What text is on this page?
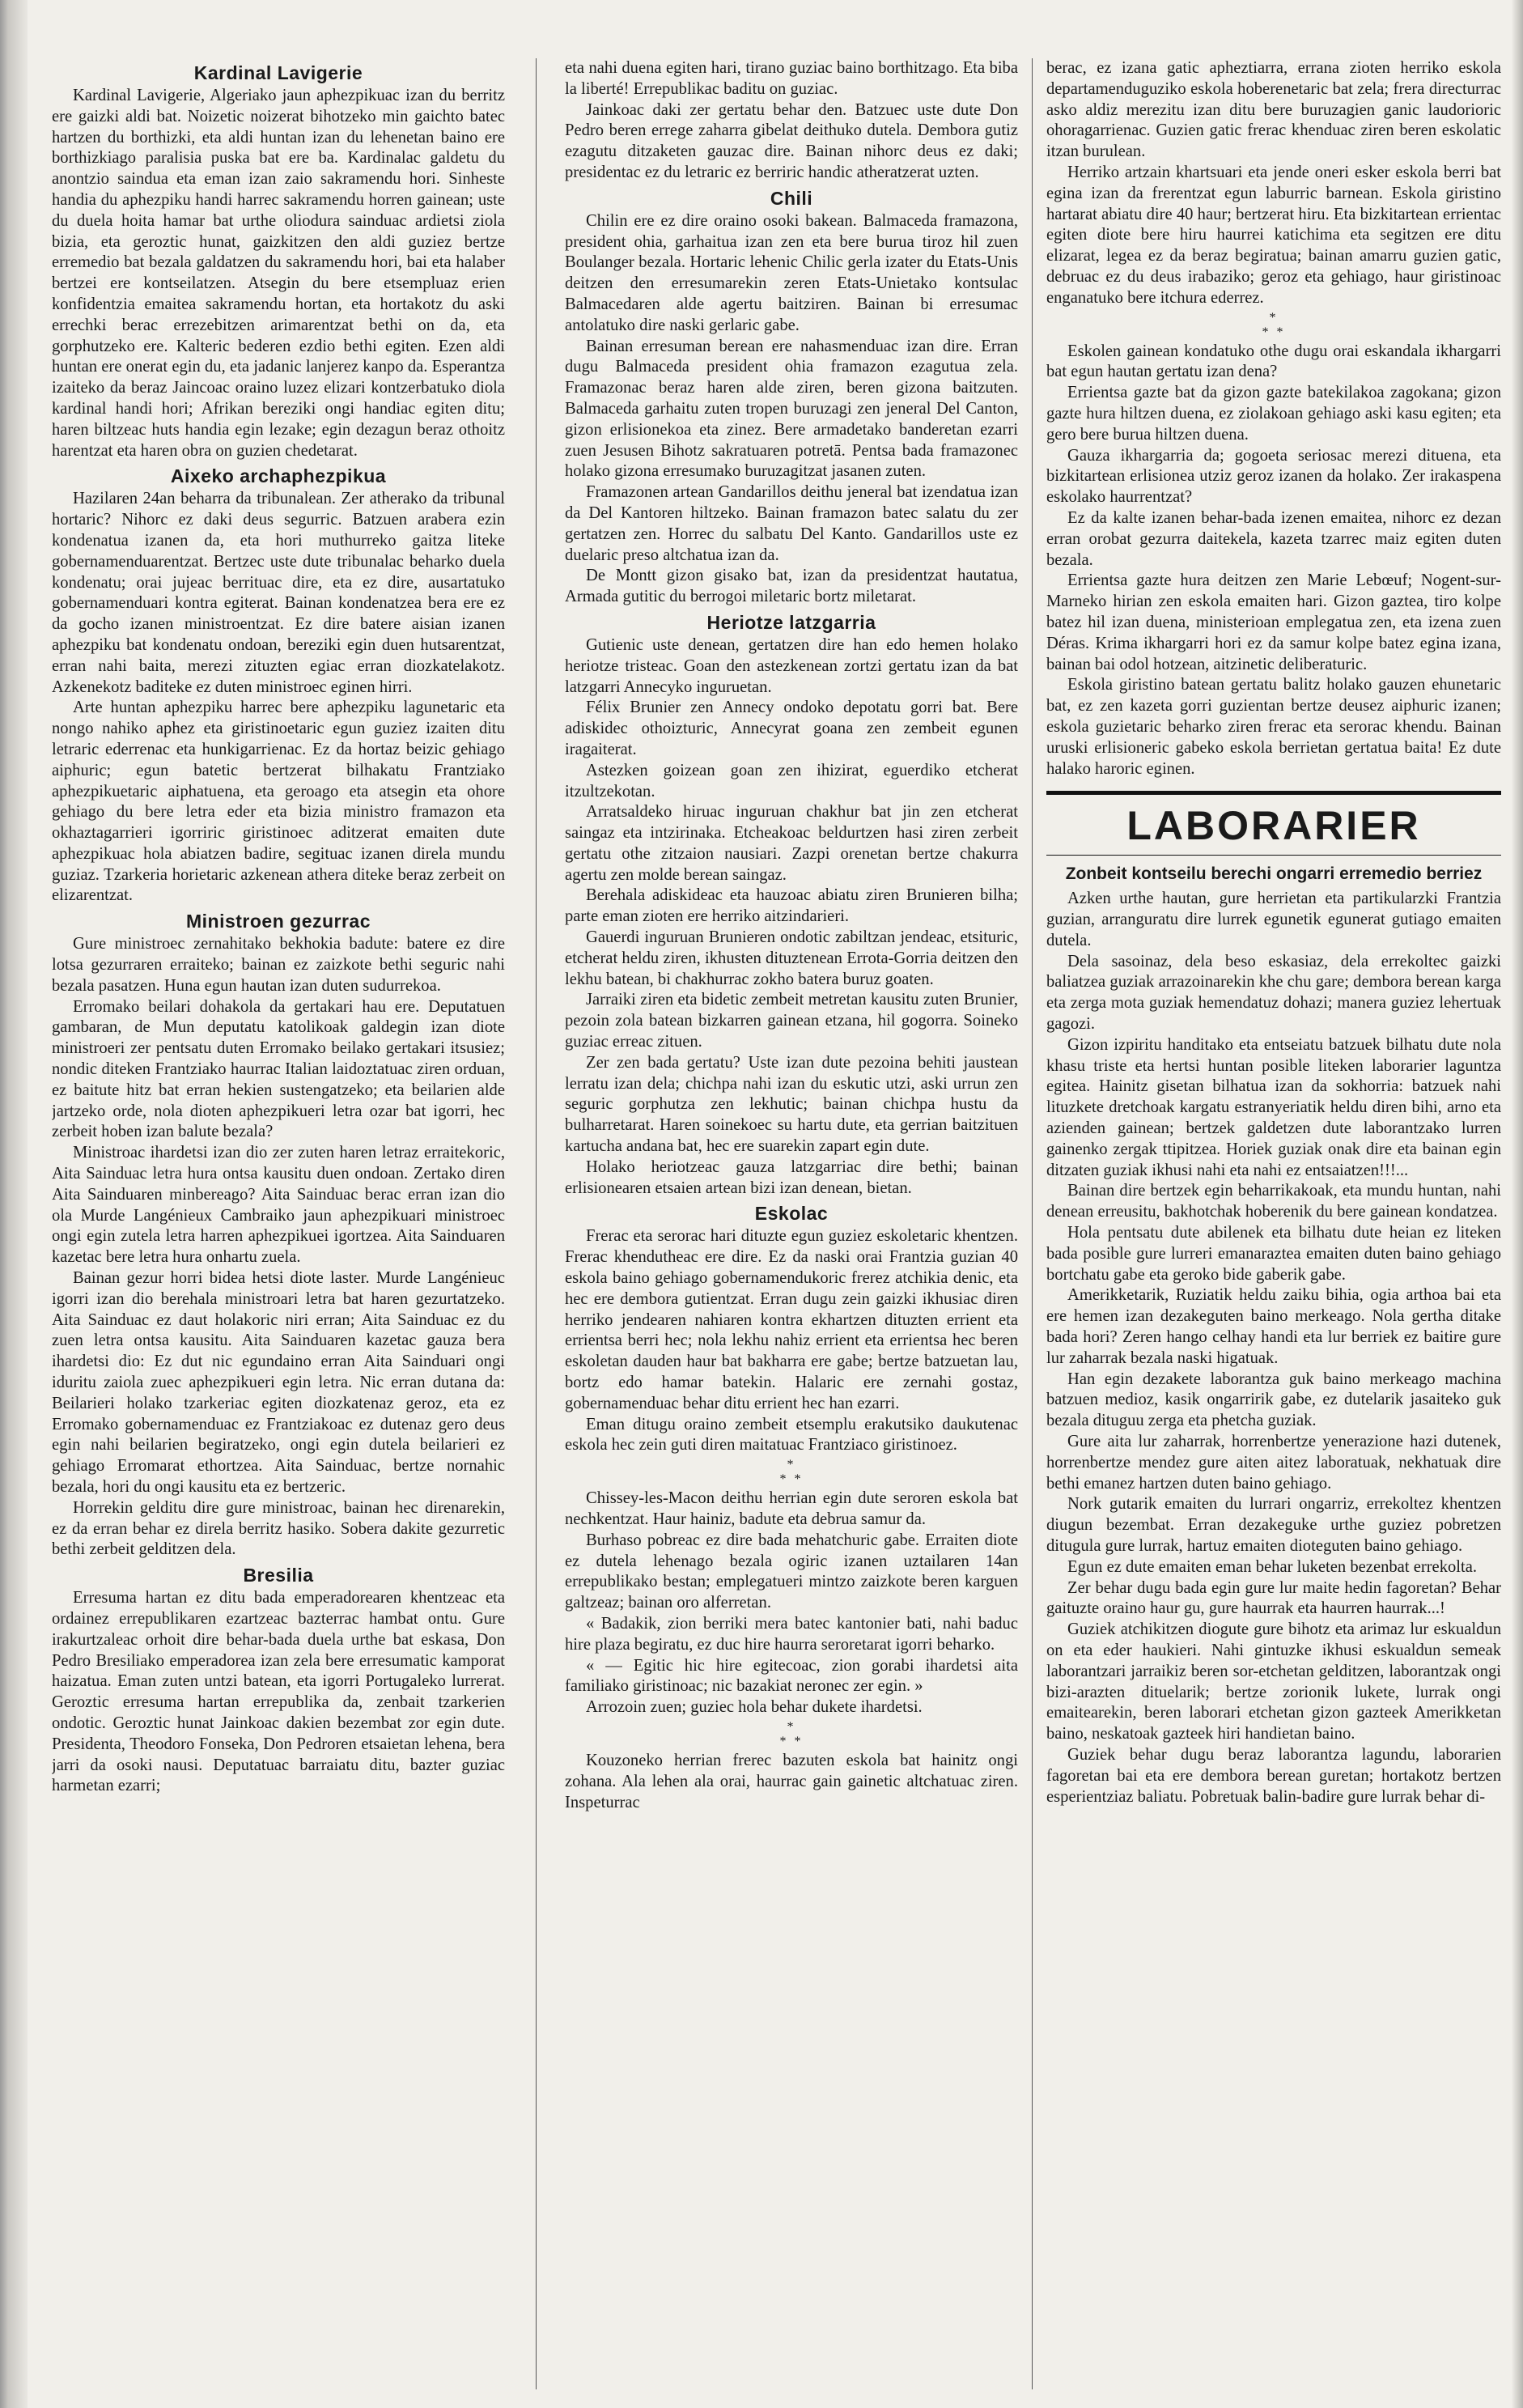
Kardinal Lavigerie

Kardinal Lavigerie, Algeriako jaun aphezpikuac izan du berritz ere gaizki aldi bat. Noizetic noizerat bihotzeko min gaichto batec hartzen du borthizki, eta aldi huntan izan du lehenetan baino ere borthizkiago paralisia puska bat ere ba. Kardinalac galdetu du anontzio saindua eta eman izan zaio sakramendu hori. Sinheste handia du aphezpiku handi harrec sakramendu horren gainean; uste du duela hoita hamar bat urthe oliodura sainduac ardietsi ziola bizia, eta geroztic hunat, gaizkitzen den aldi guziez bertze erremedio bat bezala galdatzen du sakramendu hori, bai eta halaber bertzei ere kontseilatzen. Atsegin du bere etsempluaz erien konfidentzia emaitea sakramendu hortan, eta hortakotz du aski errechki berac errezebitzen arimarentzat bethi on da, eta gorphutzeko ere. Kalteric bederen ezdio bethi egiten. Ezen aldi huntan ere onerat egin du, eta jadanic lanjerez kanpo da. Esperantza izaiteko da beraz Jaincoac oraino luzez elizari kontzerbatuko diola kardinal handi hori; Afrikan bereziki ongi handiac egiten ditu; haren biltzeac huts handia egin lezake; egin dezagun beraz othoitz harentzat eta haren obra on guzien chedetarat.

Aixeko archaphezpikua

Hazilaren 24an beharra da tribunalean. Zer atherako da tribunal hortaric? Nihorc ez daki deus segurric. Batzuen arabera ezin kondenatua izanen da, eta hori muthurreko gaitza liteke gobernamenduarentzat. Bertzec uste dute tribunalac beharko duela kondenatu; orai jujeac berrituac dire, eta ez dire, ausartatuko gobernamenduari kontra egiterat. Bainan kondenatzea bera ere ez da gocho izanen ministroentzat. Ez dire batere aisian izanen aphezpiku bat kondenatu ondoan, bereziki egin duen hutsarentzat, erran nahi baita, merezi zituzten egiac erran diozkatelakotz. Azkenekotz baditeke ez duten ministroec eginen hirri.

Arte huntan aphezpiku harrec bere aphezpiku lagunetaric eta nongo nahiko aphez eta giristinoetaric egun guziez izaiten ditu letraric ederrenac eta hunkigarrienac. Ez da hortaz beizic gehiago aiphuric; egun batetic bertzerat bilhakatu Frantziako aphezpikuetaric aiphatuena, eta geroago eta atsegin eta ohore gehiago du bere letra eder eta bizia ministro framazon eta okhaztagarrieri igorriric giristinoec aditzerat emaiten dute aphezpikuac hola abiatzen badire, segituac izanen direla mundu guziaz. Tzarkeria horietaric azkenean athera diteke beraz zerbeit on elizarentzat.

Ministroen gezurrac

Gure ministroec zernahitako bekhokia badute: batere ez dire lotsa gezurraren erraiteko; bainan ez zaizkote bethi seguric nahi bezala pasatzen. Huna egun hautan izan duten sudurrekoa.

Erromako beilari dohakola da gertakari hau ere. Deputatuen gambaran, de Mun deputatu katolikoak galdegin izan diote ministroeri zer pentsatu duten Erromako beilako gertakari itsusiez; nondic diteken Frantziako haurrac Italian laidoztatuac ziren orduan, ez baitute hitz bat erran hekien sustengatzeko; eta beilarien alde jartzeko orde, nola dioten aphezpikueri letra ozar bat igorri, hec zerbeit hoben izan balute bezala?

Ministroac ihardetsi izan dio zer zuten haren letraz erraitekoric, Aita Sainduac letra hura ontsa kausitu duen ondoan. Zertako diren Aita Sainduaren minbereago? Aita Sainduac berac erran izan dio ola Murde Langénieux Cambraiko jaun aphezpikuari ministroec ongi egin zutela letra harren aphezpikuei igortzea. Aita Sainduaren kazetac bere letra hura onhartu zuela.

Bainan gezur horri bidea hetsi diote laster. Murde Langénieuc igorri izan dio berehala ministroari letra bat haren gezurtatzeko. Aita Sainduac ez daut holakoric niri erran; Aita Sainduac ez du zuen letra ontsa kausitu. Aita Sainduaren kazetac gauza bera ihardetsi dio: Ez dut nic egundaino erran Aita Sainduari ongi iduritu zaiola zuec aphezpikueri egin letra. Nic erran dutana da: Beilarieri holako tzarkeriac egiten diozkatenaz geroz, eta ez Erromako gobernamenduac ez Frantziakoac ez dutenaz gero deus egin nahi beilarien begiratzeko, ongi egin dutela beilarieri ez gehiago Erromarat ethortzea. Aita Sainduac, bertze nornahic bezala, hori du ongi kausitu eta ez bertzeric.

Horrekin gelditu dire gure ministroac, bainan hec direnarekin, ez da erran behar ez direla berritz hasiko. Sobera dakite gezurretic bethi zerbeit gelditzen dela.

Bresilia

Erresuma hartan ez ditu bada emperadorearen khentzeac eta ordainez errepublikaren ezartzeac bazterrac hambat ontu. Gure irakurtzaleac orhoit dire behar-bada duela urthe bat eskasa, Don Pedro Bresiliako emperadorea izan zela bere erresumatic kamporat haizatua. Eman zuten untzi batean, eta igorri Portugaleko lurrerat. Geroztic erresuma hartan errepublika da, zenbait tzarkerien ondotic. Geroztic hunat Jainkoac dakien bezembat zor egin dute. Presidenta, Theodoro Fonseka, Don Pedroren etsaietan lehena, bera jarri da osoki nausi. Deputatuac barraiatu ditu, bazter guziac harmetan ezarri;

eta nahi duena egiten hari, tirano guziac baino borthitzago. Eta biba la liberté! Errepublikac baditu on guziac.

Jainkoac daki zer gertatu behar den. Batzuec uste dute Don Pedro beren errege zaharra gibelat deithuko dutela. Dembora gutiz ezagutu ditzaketen gauzac dire. Bainan nihorc deus ez daki; presidentac ez du letraric ez berriric handic atheratzerat uzten.

Chili

Chilin ere ez dire oraino osoki bakean. Balmaceda framazona, president ohia, garhaitua izan zen eta bere burua tiroz hil zuen Boulanger bezala. Hortaric lehenic Chilic gerla izater du Etats-Unis deitzen den erresumarekin zeren Etats-Unietako kontsulac Balmacedaren alde agertu baitziren. Bainan bi erresumac antolatuko dire naski gerlaric gabe.

Bainan erresuman berean ere nahasmenduac izan dire. Erran dugu Balmaceda president ohia framazon ezagutua zela. Framazonac beraz haren alde ziren, beren gizona baitzuten. Balmaceda garhaitu zuten tropen buruzagi zen jeneral Del Canton, gizon erlisionekoa eta zinez. Bere armadetako banderetan ezarri zuen Jesusen Bihotz sakratuaren potretā. Pentsa bada framazonec holako gizona erresumako buruzagitzat jasanen zuten.

Framazonen artean Gandarillos deithu jeneral bat izendatua izan da Del Kantoren hiltzeko. Bainan framazon batec salatu du zer gertatzen zen. Horrec du salbatu Del Kanto. Gandarillos uste ez duelaric preso altchatua izan da.

De Montt gizon gisako bat, izan da presidentzat hautatua, Armada gutitic du berrogoi miletaric bortz miletarat.

Heriotze latzgarria

Gutienic uste denean, gertatzen dire han edo hemen holako heriotze tristeac. Goan den astezkenean zortzi gertatu izan da bat latzgarri Annecyko inguruetan.

Félix Brunier zen Annecy ondoko depotatu gorri bat. Bere adiskidec othoizturic, Annecyrat goana zen zembeit egunen iragaiterat.

Astezken goizean goan zen ihizirat, eguerdiko etcherat itzultzekotan.

Arratsaldeko hiruac inguruan chakhur bat jin zen etcherat saingaz eta intzirinaka. Etcheakoac beldurtzen hasi ziren zerbeit gertatu othe zitzaion nausiari. Zazpi orenetan bertze chakurra agertu zen molde berean saingaz.

Berehala adiskideac eta hauzoac abiatu ziren Brunieren bilha; parte eman zioten ere herriko aitzindarieri.

Gauerdi inguruan Brunieren ondotic zabiltzan jendeac, etsituric, etcherat heldu ziren, ikhusten dituztenean Errota-Gorria deitzen den lekhu batean, bi chakhurrac zokho batera buruz goaten.

Jarraiki ziren eta bidetic zembeit metretan kausitu zuten Brunier, pezoin zola batean bizkarren gainean etzana, hil gogorra. Soineko guziac erreac zituen.

Zer zen bada gertatu? Uste izan dute pezoina behiti jaustean lerratu izan dela; chichpa nahi izan du eskutic utzi, aski urrun zen seguric gorphutza zen lekhutic; bainan chichpa hustu da bulharretarat. Haren soinekoec su hartu dute, eta gerrian baitzituen kartucha andana bat, hec ere suarekin zapart egin dute.

Holako heriotzeac gauza latzgarriac dire bethi; bainan erlisionearen etsaien artean bizi izan denean, bietan.

Eskolac

Frerac eta serorac hari dituzte egun guziez eskoletaric khentzen. Frerac khendutheac ere dire. Ez da naski orai Frantzia guzian 40 eskola baino gehiago gobernamendukoric frerez atchikia denic, eta hec ere dembora gutientzat. Erran dugu zein gaizki ikhusiac diren herriko jendearen nahiaren kontra ekhartzen dituzten errient eta errientsa berri hec; nola lekhu nahiz errient eta errientsa hec beren eskoletan dauden haur bat bakharra ere gabe; bertze batzuetan lau, bortz edo hamar batekin. Halaric ere zernahi gostaz, gobernamenduac behar ditu errient hec han ezarri.

Eman ditugu oraino zembeit etsemplu erakutsiko daukutenac eskola hec zein guti diren maitatuac Frantziaco giristinoez.

*
* *

Chissey-les-Macon deithu herrian egin dute seroren eskola bat nechkentzat. Haur hainiz, badute eta debrua samur da.

Burhaso pobreac ez dire bada mehatchuric gabe. Erraiten diote ez dutela lehenago bezala ogiric izanen uztailaren 14an errepublikako bestan; emplegatueri mintzo zaizkote beren karguen galtzeaz; bainan oro alferretan.

« Badakik, zion berriki mera batec kantonier bati, nahi baduc hire plaza begiratu, ez duc hire haurra seroretarat igorri beharko.

« — Egitic hic hire egitecoac, zion gorabi ihardetsi aita familiako giristinoac; nic bazakiat neronec zer egin. »

Arrozoin zuen; guziec hola behar dukete ihardetsi.

*
* *

Kouzoneko herrian frerec bazuten eskola bat hainitz ongi zohana. Ala lehen ala orai, haurrac gain gainetic altchatuac ziren. Inspeturrac

berac, ez izana gatic apheztiarra, errana zioten herriko eskola departamenduguziko eskola hoberenetaric bat zela; frera directurrac asko aldiz merezitu izan ditu bere buruzagien ganic laudorioric ohoragarrienac. Guzien gatic frerac khenduac ziren beren eskolatic itzan burulean.

Herriko artzain khartsuari eta jende oneri esker eskola berri bat egina izan da frerentzat egun laburric barnean. Eskola giristino hartarat abiatu dire 40 haur; bertzerat hiru. Eta bizkitartean errientac egiten diote bere hiru haurrei katichima eta segitzen ere ditu elizarat, legea ez da beraz begiratua; bainan amarru guzien gatic, debruac ez du deus irabaziko; geroz eta gehiago, haur giristinoac enganatuko bere itchura ederrez.

*
* *

Eskolen gainean kondatuko othe dugu orai eskandala ikhargarri bat egun hautan gertatu izan dena?

Errientsa gazte bat da gizon gazte batekilakoa zagokana; gizon gazte hura hiltzen duena, ez ziolakoan gehiago aski kasu egiten; eta gero bere burua hiltzen duena.

Gauza ikhargarria da; gogoeta seriosac merezi dituena, eta bizkitartean erlisionea utziz geroz izanen da holako. Zer irakaspena eskolako haurrentzat?

Ez da kalte izanen behar-bada izenen emaitea, nihorc ez dezan erran orobat gezurra daitekela, kazeta tzarrec maiz egiten duten bezala.

Errientsa gazte hura deitzen zen Marie Lebœuf; Nogent-sur-Marneko hirian zen eskola emaiten hari. Gizon gaztea, tiro kolpe batez hil izan duena, ministerioan emplegatua zen, eta izena zuen Déras. Krima ikhargarri hori ez da samur kolpe batez egina izana, bainan bai odol hotzean, aitzinetic deliberaturic.

Eskola giristino batean gertatu balitz holako gauzen ehunetaric bat, ez zen kazeta gorri guzientan bertze deusez aiphuric izanen; eskola guzietaric beharko ziren frerac eta serorac khendu. Bainan uruski erlisioneric gabeko eskola berrietan gertatua baita! Ez dute halako haroric eginen.

LABORARIER
Zonbeit kontseilu berechi ongarri erremedio berriez

Azken urthe hautan, gure herrietan eta partikularzki Frantzia guzian, arranguratu dire lurrek egunetik egunerat gutiago emaiten dutela.

Dela sasoinaz, dela beso eskasiaz, dela errekoltec gaizki baliatzea guziak arrazoinarekin khe chu gare; dembora berean karga eta zerga mota guziak hemendatuz dohazi; manera guziez lehertuak gagozi.

Gizon izpiritu handitako eta entseiatu batzuek bilhatu dute nola khasu triste eta hertsi huntan posible liteken laborarier laguntza egitea. Hainitz gisetan bilhatua izan da sokhorria: batzuek nahi lituzkete dretchoak kargatu estranyeriatik heldu diren bihi, arno eta azienden gainean; bertzek galdetzen dute laborantzako lurren gainenko zergak ttipitzea. Horiek guziak onak dire eta bainan egin ditzaten guziak ikhusi nahi eta nahi ez entsaiatzen!!!...

Bainan dire bertzek egin beharrikakoak, eta mundu huntan, nahi denean erreusitu, bakhotchak hoberenik du bere gainean kondatzea.

Hola pentsatu dute abilenek eta bilhatu dute heian ez liteken bada posible gure lurreri emanaraztea emaiten duten baino gehiago bortchatu gabe eta geroko bide gaberik gabe.

Amerikketarik, Ruziatik heldu zaiku bihia, ogia arthoa bai eta ere hemen izan dezakeguten baino merkeago. Nola gertha ditake bada hori? Zeren hango celhay handi eta lur berriek ez baitire gure lur zaharrak bezala naski higatuak.

Han egin dezakete laborantza guk baino merkeago machina batzuen medioz, kasik ongarririk gabe, ez dutelarik jasaiteko guk bezala dituguu zerga eta phetcha guziak.

Gure aita lur zaharrak, horrenbertze yenerazione hazi dutenek, horrenbertze mendez gure aiten aitez laboratuak, nekhatuak dire bethi emanez hartzen duten baino gehiago.

Nork gutarik emaiten du lurrari ongarriz, errekoltez khentzen diugun bezembat. Erran dezakeguke urthe guziez pobretzen ditugula gure lurrak, hartuz emaiten dioteguten baino gehiago.

Egun ez dute emaiten eman behar luketen bezenbat errekolta.

Zer behar dugu bada egin gure lur maite hedin fagoretan? Behar gaituzte oraino haur gu, gure haurrak eta haurren haurrak...!

Guziek atchikitzen diogute gure bihotz eta arimaz lur eskualdun on eta eder haukieri. Nahi gintuzke ikhusi eskualdun semeak laborantzari jarraikiz beren sor-etchetan gelditzen, laborantzak ongi bizi-arazten dituelarik; bertze zorionik lukete, lurrak ongi emaitearekin, beren laborari etchetan gizon gazteek Amerikketan baino, neskatoak gazteek hiri handietan baino.

Guziek behar dugu beraz laborantza lagundu, laborarien fagoretan bai eta ere dembora berean guretan; hortakotz bertzen esperientziaz baliatu. Pobretuak balin-badire gure lurrak behar di-
